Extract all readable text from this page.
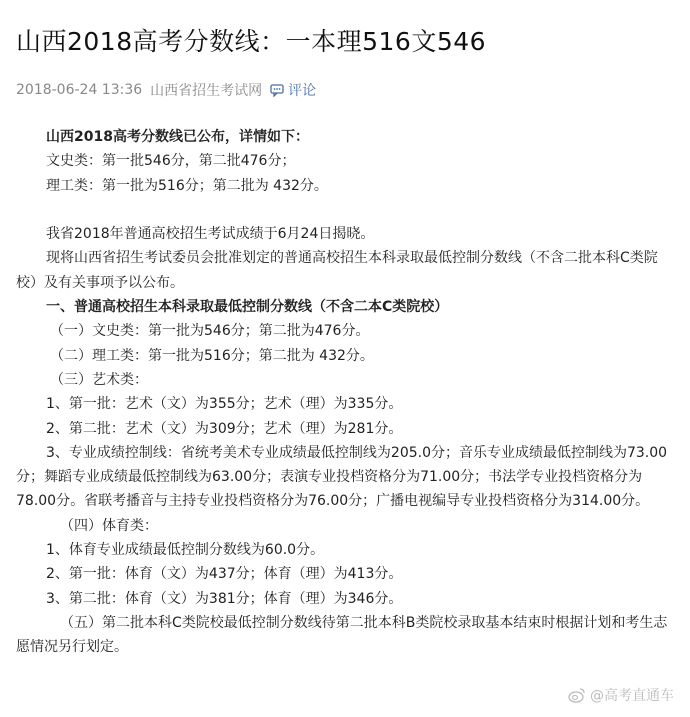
山西2018高考分数线：一本理516文546
2018-06-24 13:36 山西省招生考试网 评论

山西2018高考分数线已公布，详情如下：

文史类：第一批546分，第二批476分；

理工类：第一批为516分；第二批为 432分。

我省2018年普通高校招生考试成绩于6月24日揭晓。

现将山西省招生考试委员会批准划定的普通高校招生本科录取最低控制分数线（不含二批本科C类院校）及有关事项予以公布。

一、普通高校招生本科录取最低控制分数线（不含二本C类院校）

（一）文史类：第一批为546分；第二批为476分。

（二）理工类：第一批为516分；第二批为 432分。

（三）艺术类：

1、第一批：艺术（文）为355分；艺术（理）为335分。

2、第二批：艺术（文）为309分；艺术（理）为281分。

3、专业成绩控制线：省统考美术专业成绩最低控制线为205.0分；音乐专业成绩最低控制线为73.00分；舞蹈专业成绩最低控制线为63.00分；表演专业投档资格分为71.00分；书法学专业投档资格分为78.00分。省联考播音与主持专业投档资格分为76.00分；广播电视编导专业投档资格分为314.00分。

（四）体育类：

1、体育专业成绩最低控制分数线为60.0分。

2、第一批：体育（文）为437分；体育（理）为413分。

3、第二批：体育（文）为381分；体育（理）为346分。

（五）第二批本科C类院校最低控制分数线待第二批本科B类院校录取基本结束时根据计划和考生志愿情况另行划定。

@高考直通车
